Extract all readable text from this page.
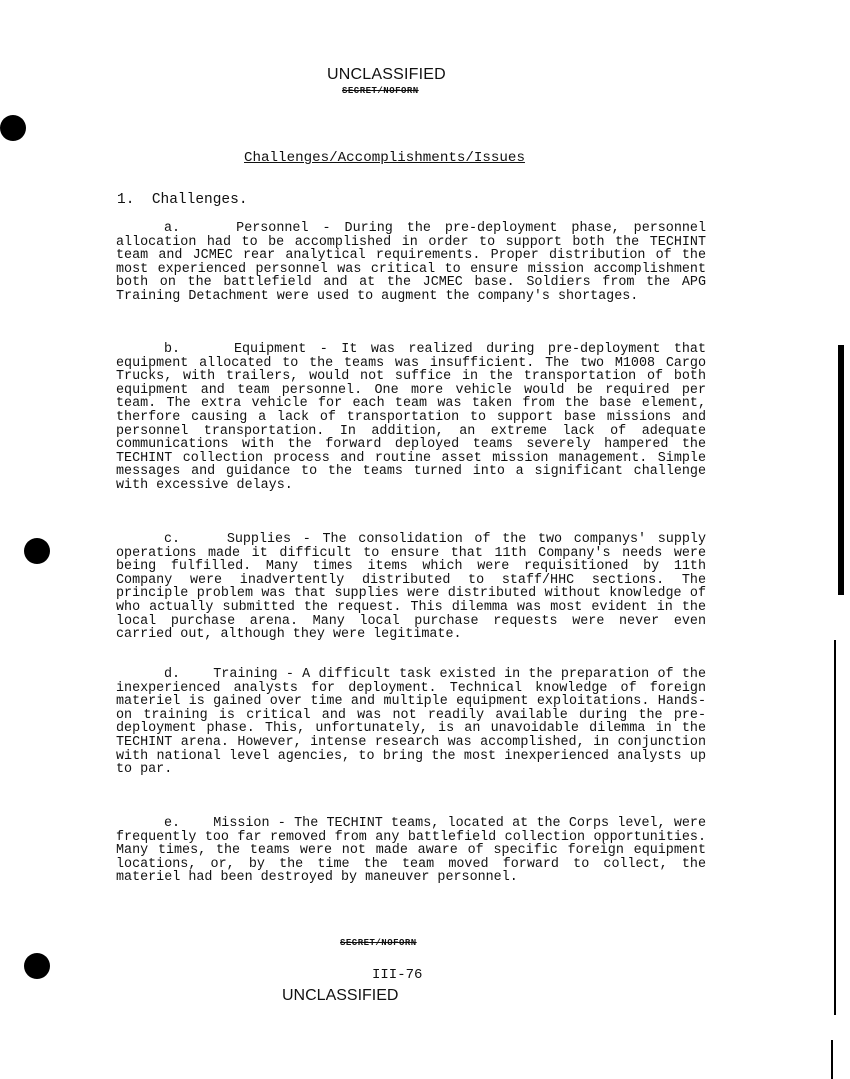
UNCLASSIFIED
SECRET/NOFORN
Challenges/Accomplishments/Issues
1. Challenges.
a.	Personnel - During the pre-deployment phase, personnel allocation had to be accomplished in order to support both the TECHINT team and JCMEC rear analytical requirements. Proper distribution of the most experienced personnel was critical to ensure mission accomplishment both on the battlefield and at the JCMEC base. Soldiers from the APG Training Detachment were used to augment the company's shortages.
b.	Equipment - It was realized during pre-deployment that equipment allocated to the teams was insufficient. The two M1008 Cargo Trucks, with trailers, would not suffice in the transportation of both equipment and team personnel. One more vehicle would be required per team. The extra vehicle for each team was taken from the base element, therfore causing a lack of transportation to support base missions and personnel transportation. In addition, an extreme lack of adequate communications with the forward deployed teams severely hampered the TECHINT collection process and routine asset mission management. Simple messages and guidance to the teams turned into a significant challenge with excessive delays.
c.	Supplies - The consolidation of the two companys' supply operations made it difficult to ensure that 11th Company's needs were being fulfilled. Many times items which were requisitioned by 11th Company were inadvertently distributed to staff/HHC sections. The principle problem was that supplies were distributed without knowledge of who actually submitted the request. This dilemma was most evident in the local purchase arena. Many local purchase requests were never even carried out, although they were legitimate.
d. Training - A difficult task existed in the preparation of the inexperienced analysts for deployment. Technical knowledge of foreign materiel is gained over time and multiple equipment exploitations. Hands-on training is critical and was not readily available during the pre-deployment phase. This, unfortunately, is an unavoidable dilemma in the TECHINT arena. However, intense research was accomplished, in conjunction with national level agencies, to bring the most inexperienced analysts up to par.
e. Mission - The TECHINT teams, located at the Corps level, were frequently too far removed from any battlefield collection opportunities. Many times, the teams were not made aware of specific foreign equipment locations, or, by the time the team moved forward to collect, the materiel had been destroyed by maneuver personnel.
SECRET/NOFORN
III-76
UNCLASSIFIED
